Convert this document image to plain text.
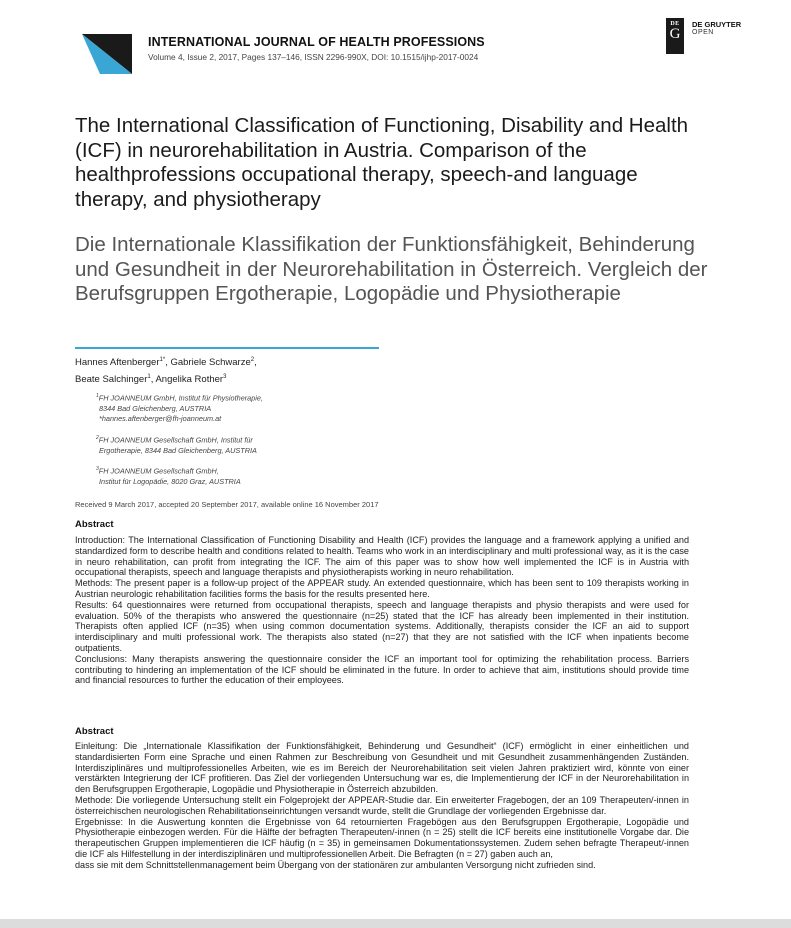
INTERNATIONAL JOURNAL OF HEALTH PROFESSIONS
Volume 4, Issue 2, 2017, Pages 137–146, ISSN 2296-990X, DOI: 10.1515/ijhp-2017-0024
DE
G
DE GRUYTER
OPEN
The International Classification of Functioning, Disability and Health (ICF) in neurorehabilitation in Austria. Comparison of the healthprofessions occupational therapy, speech-and language therapy, and physiotherapy
Die Internationale Klassifikation der Funktionsfähigkeit, Behinderung und Gesundheit in der Neurorehabilitation in Österreich. Vergleich der Berufsgruppen Ergotherapie, Logopädie und Physiotherapie
Hannes Aftenberger$^{1*}$, Gabriele Schwarze$^2$,
Beate Salchinger$^1$, Angelika Rother$^3$
$^1$FH JOANNEUM GmbH, Institut für Physiotherapie,
8344 Bad Gleichenberg, AUSTRIA
*hannes.aftenberger@fh-joanneum.at
$^2$FH JOANNEUM Gesellschaft GmbH, Institut für
Ergotherapie, 8344 Bad Gleichenberg, AUSTRIA
$^3$FH JOANNEUM Gesellschaft GmbH,
Institut für Logopädie, 8020 Graz, AUSTRIA
Received 9 March 2017, accepted 20 September 2017, available online 16 November 2017
Abstract

Introduction: The International Classification of Functioning Disability and Health (ICF) provides the language and a framework applying a unified and standardized form to describe health and conditions related to health. Teams who work in an interdisciplinary and multi professional way, as it is the case in neuro rehabilitation, can profit from integrating the ICF. The aim of this paper was to show how well implemented the ICF is in Austria with occupational therapists, speech and language therapists and physiotherapists working in neuro rehabilitation.

Methods: The present paper is a follow-up project of the APPEAR study. An extended questionnaire, which has been sent to 109 therapists working in Austrian neurologic rehabilitation facilities forms the basis for the results presented here.

Results: 64 questionnaires were returned from occupational therapists, speech and language therapists and physio therapists and were used for evaluation. 50% of the therapists who answered the questionnaire (n=25) stated that the ICF has already been implemented in their institution. Therapists often applied ICF (n=35) when using common documentation systems. Additionally, therapists consider the ICF an aid to support interdisciplinary and multi professional work. The therapists also stated (n=27) that they are not satisfied with the ICF when inpatients become outpatients.

Conclusions: Many therapists answering the questionnaire consider the ICF an important tool for optimizing the rehabilitation process. Barriers contributing to hindering an implementation of the ICF should be eliminated in the future. In order to achieve that aim, institutions should provide time and financial resources to further the education of their employees.

Abstract

Einleitung: Die „Internationale Klassifikation der Funktionsfähigkeit, Behinderung und Gesundheit“ (ICF) ermöglicht in einer einheitlichen und standardisierten Form eine Sprache und einen Rahmen zur Beschreibung von Gesundheit und mit Gesundheit zusammenhängenden Zuständen. Interdisziplinäres und multiprofessionelles Arbeiten, wie es im Bereich der Neurorehabilitation seit vielen Jahren praktiziert wird, könnte von einer verstärkten Integrierung der ICF profitieren. Das Ziel der vorliegenden Untersuchung war es, die Implementierung der ICF in der Neurorehabilitation in den Berufsgruppen Ergotherapie, Logopädie und Physiotherapie in Österreich abzubilden.

Methode: Die vorliegende Untersuchung stellt ein Folgeprojekt der APPEAR-Studie dar. Ein erweiterter Fragebogen, der an 109 Therapeuten/-innen in österreichischen neurologischen Rehabilitationseinrichtungen versandt wurde, stellt die Grundlage der vorliegenden Ergebnisse dar.

Ergebnisse: In die Auswertung konnten die Ergebnisse von 64 retournierten Fragebögen aus den Berufsgruppen Ergotherapie, Logopädie und Physiotherapie einbezogen werden. Für die Hälfte der befragten Therapeuten/-innen (n = 25) stellt die ICF bereits eine institutionelle Vorgabe dar. Die therapeutischen Gruppen implementieren die ICF häufig (n = 35) in gemeinsamen Dokumentationssystemen. Zudem sehen befragte Therapeut/-innen die ICF als Hilfestellung in der interdisziplinären und multiprofessionellen Arbeit. Die Befragten (n = 27) gaben auch an,

dass sie mit dem Schnittstellenmanagement beim Übergang von der stationären zur ambulanten Versorgung nicht zufrieden sind.
